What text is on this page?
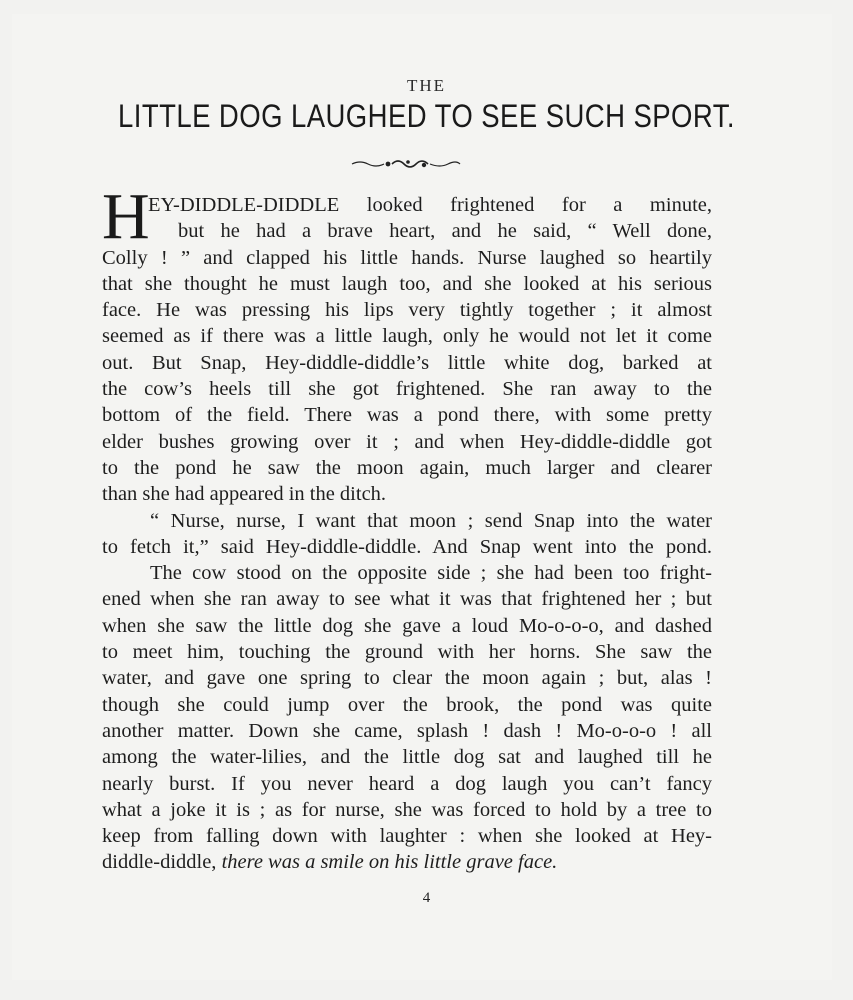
THE
LITTLE DOG LAUGHED TO SEE SUCH SPORT.
H
EY-DIDDLE-DIDDLE looked frightened for a minute,
but he had a brave heart, and he said, “ Well done,
Colly ! ” and clapped his little hands. Nurse laughed so heartily
that she thought he must laugh too, and she looked at his serious
face. He was pressing his lips very tightly together ; it almost
seemed as if there was a little laugh, only he would not let it come
out. But Snap, Hey-diddle-diddle’s little white dog, barked at
the cow’s heels till she got frightened. She ran away to the
bottom of the field. There was a pond there, with some pretty
elder bushes growing over it ; and when Hey-diddle-diddle got
to the pond he saw the moon again, much larger and clearer
than she had appeared in the ditch.
“ Nurse, nurse, I want that moon ; send Snap into the water
to fetch it,” said Hey-diddle-diddle. And Snap went into the pond.
The cow stood on the opposite side ; she had been too fright-
ened when she ran away to see what it was that frightened her ; but
when she saw the little dog she gave a loud Mo-o-o-o, and dashed
to meet him, touching the ground with her horns. She saw the
water, and gave one spring to clear the moon again ; but, alas !
though she could jump over the brook, the pond was quite
another matter. Down she came, splash ! dash ! Mo-o-o-o ! all
among the water-lilies, and the little dog sat and laughed till he
nearly burst. If you never heard a dog laugh you can’t fancy
what a joke it is ; as for nurse, she was forced to hold by a tree to
keep from falling down with laughter : when she looked at Hey-
diddle-diddle, there was a smile on his little grave face.
4
